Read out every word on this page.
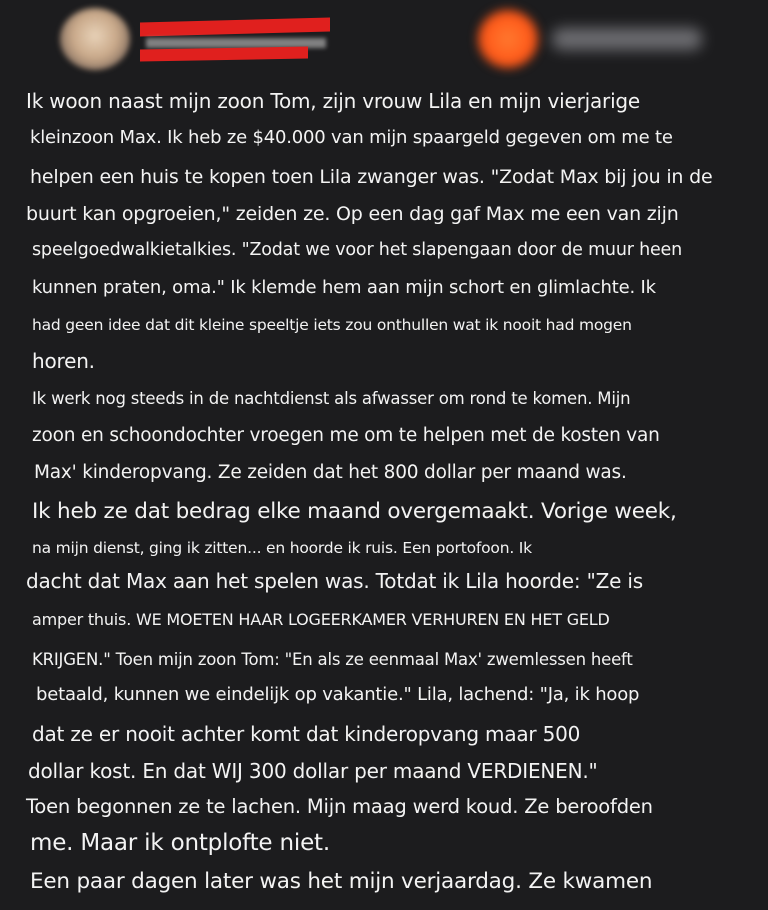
Ik woon naast mijn zoon Tom, zijn vrouw Lila en mijn vierjarige
kleinzoon Max. Ik heb ze $40.000 van mijn spaargeld gegeven om me te
helpen een huis te kopen toen Lila zwanger was. "Zodat Max bij jou in de
buurt kan opgroeien," zeiden ze. Op een dag gaf Max me een van zijn
speelgoedwalkietalkies. "Zodat we voor het slapengaan door de muur heen
kunnen praten, oma." Ik klemde hem aan mijn schort en glimlachte. Ik
had geen idee dat dit kleine speeltje iets zou onthullen wat ik nooit had mogen
horen.
Ik werk nog steeds in de nachtdienst als afwasser om rond te komen. Mijn
zoon en schoondochter vroegen me om te helpen met de kosten van
Max' kinderopvang. Ze zeiden dat het 800 dollar per maand was.
Ik heb ze dat bedrag elke maand overgemaakt. Vorige week,
na mijn dienst, ging ik zitten... en hoorde ik ruis. Een portofoon. Ik
dacht dat Max aan het spelen was. Totdat ik Lila hoorde: "Ze is
amper thuis. WE MOETEN HAAR LOGEERKAMER VERHUREN EN HET GELD
KRIJGEN." Toen mijn zoon Tom: "En als ze eenmaal Max' zwemlessen heeft
betaald, kunnen we eindelijk op vakantie." Lila, lachend: "Ja, ik hoop
dat ze er nooit achter komt dat kinderopvang maar 500
dollar kost. En dat WIJ 300 dollar per maand VERDIENEN."
Toen begonnen ze te lachen. Mijn maag werd koud. Ze beroofden
me. Maar ik ontplofte niet.
Een paar dagen later was het mijn verjaardag. Ze kwamen
